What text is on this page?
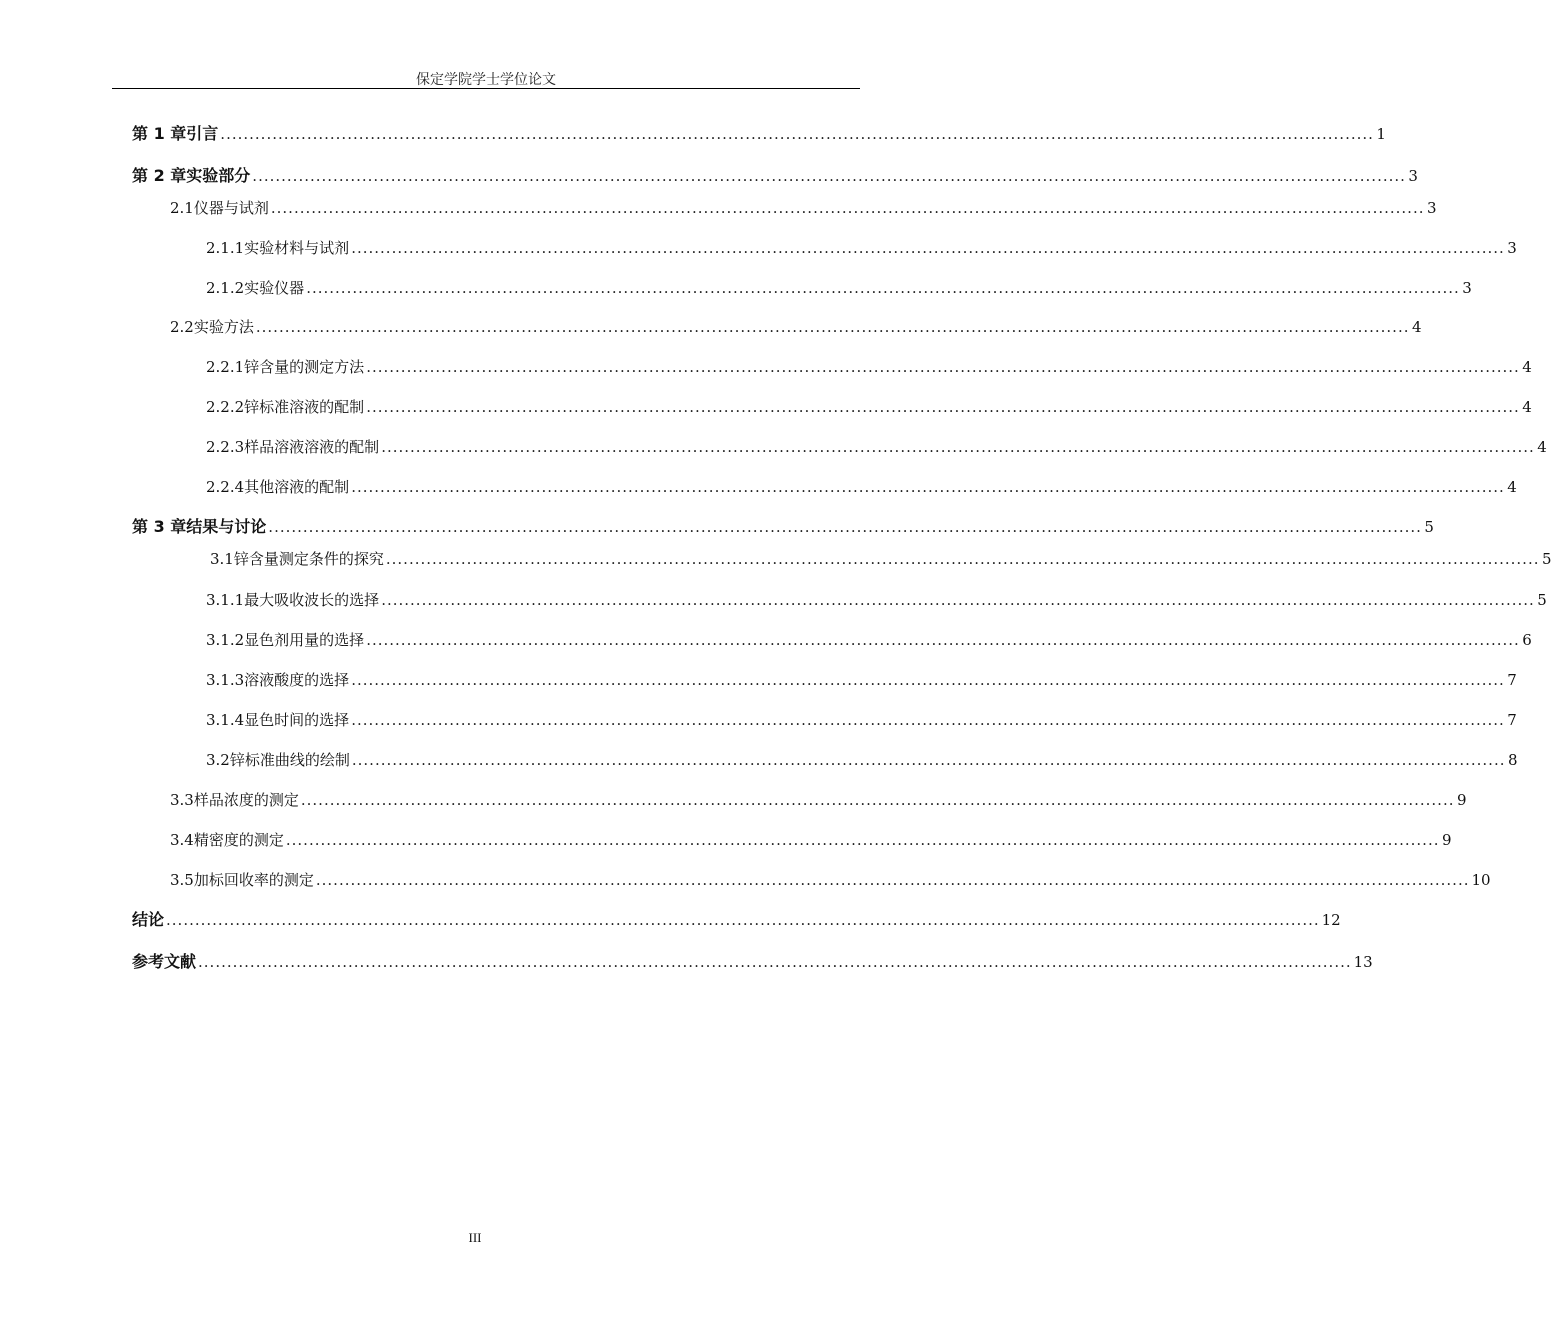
保定学院学士学位论文
第 1 章 引言 ........................................................................................................................................................................................................ 1
第 2 章 实验部分 ........................................................................................................................................................................................................ 3
2.1 仪器与试剂 ........................................................................................................................................................................................................ 3
2.1.1 实验材料与试剂 ........................................................................................................................................................................................................ 3
2.1.2 实验仪器 ........................................................................................................................................................................................................ 3
2.2 实验方法 ........................................................................................................................................................................................................ 4
2.2.1 锌含量的测定方法 ........................................................................................................................................................................................................ 4
2.2.2 锌标准溶液的配制 ........................................................................................................................................................................................................ 4
2.2.3 样品溶液溶液的配制 ........................................................................................................................................................................................................ 4
2.2.4 其他溶液的配制 ........................................................................................................................................................................................................ 4
第 3 章 结果与讨论 ........................................................................................................................................................................................................ 5
3.1 锌含量测定条件的探究 ........................................................................................................................................................................................................ 5
3.1.1 最大吸收波长的选择 ........................................................................................................................................................................................................ 5
3.1.2 显色剂用量的选择 ........................................................................................................................................................................................................ 6
3.1.3 溶液酸度的选择 ........................................................................................................................................................................................................ 7
3.1.4 显色时间的选择 ........................................................................................................................................................................................................ 7
3.2 锌标准曲线的绘制 ........................................................................................................................................................................................................ 8
3.3 样品浓度的测定 ........................................................................................................................................................................................................ 9
3.4 精密度的测定 ........................................................................................................................................................................................................ 9
3.5 加标回收率的测定 ........................................................................................................................................................................................................ 10
结论 ........................................................................................................................................................................................................ 12
参考文献 ........................................................................................................................................................................................................ 13
III
